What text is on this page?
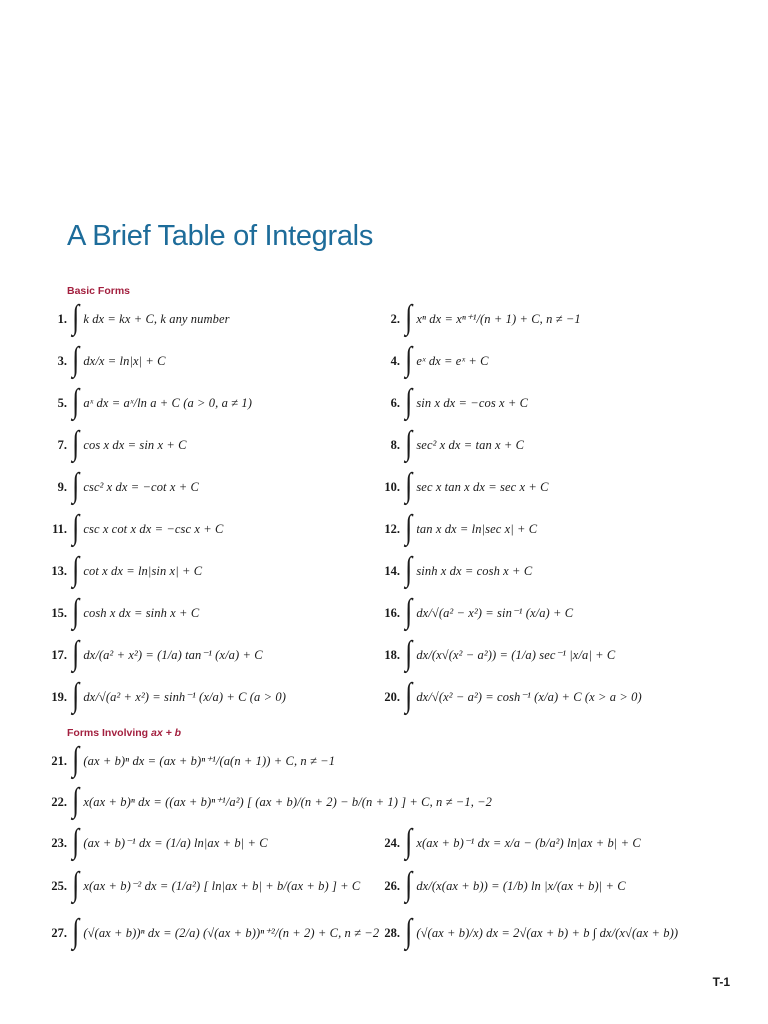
A Brief Table of Integrals
Basic Forms
1. ∫ k dx = kx + C, k any number	2. ∫ xⁿ dx = xⁿ⁺¹/(n + 1) + C, n ≠ −1
3. ∫ dx/x = ln|x| + C	4. ∫ eˣ dx = eˣ + C
5. ∫ aˣ dx = aˣ/ln a + C (a > 0, a ≠ 1)	6. ∫ sin x dx = −cos x + C
7. ∫ cos x dx = sin x + C	8. ∫ sec² x dx = tan x + C
9. ∫ csc² x dx = −cot x + C	10. ∫ sec x tan x dx = sec x + C
11. ∫ csc x cot x dx = −csc x + C	12. ∫ tan x dx = ln|sec x| + C
13. ∫ cot x dx = ln|sin x| + C	14. ∫ sinh x dx = cosh x + C
15. ∫ cosh x dx = sinh x + C	16. ∫ dx/√(a² − x²) = sin⁻¹ (x/a) + C
17. ∫ dx/(a² + x²) = (1/a) tan⁻¹ (x/a) + C	18. ∫ dx/(x√(x² − a²)) = (1/a) sec⁻¹ |x/a| + C
19. ∫ dx/√(a² + x²) = sinh⁻¹ (x/a) + C (a > 0)	20. ∫ dx/√(x² − a²) = cosh⁻¹ (x/a) + C (x > a > 0)
Forms Involving ax + b
21. ∫ (ax + b)ⁿ dx = (ax + b)ⁿ⁺¹/(a(n + 1)) + C, n ≠ −1
22. ∫ x(ax + b)ⁿ dx = ((ax + b)ⁿ⁺¹/a²) [ (ax + b)/(n + 2) − b/(n + 1) ] + C, n ≠ −1, −2
23. ∫ (ax + b)⁻¹ dx = (1/a) ln|ax + b| + C	24. ∫ x(ax + b)⁻¹ dx = x/a − (b/a²) ln|ax + b| + C
25. ∫ x(ax + b)⁻² dx = (1/a²) [ ln|ax + b| + b/(ax + b) ] + C	26. ∫ dx/(x(ax + b)) = (1/b) ln |x/(ax + b)| + C
27. ∫ (√(ax + b))ⁿ dx = (2/a) (√(ax + b))ⁿ⁺²/(n + 2) + C, n ≠ −2 28. ∫ (√(ax + b)/x) dx = 2√(ax + b) + b ∫ dx/(x√(ax + b))
T-1
